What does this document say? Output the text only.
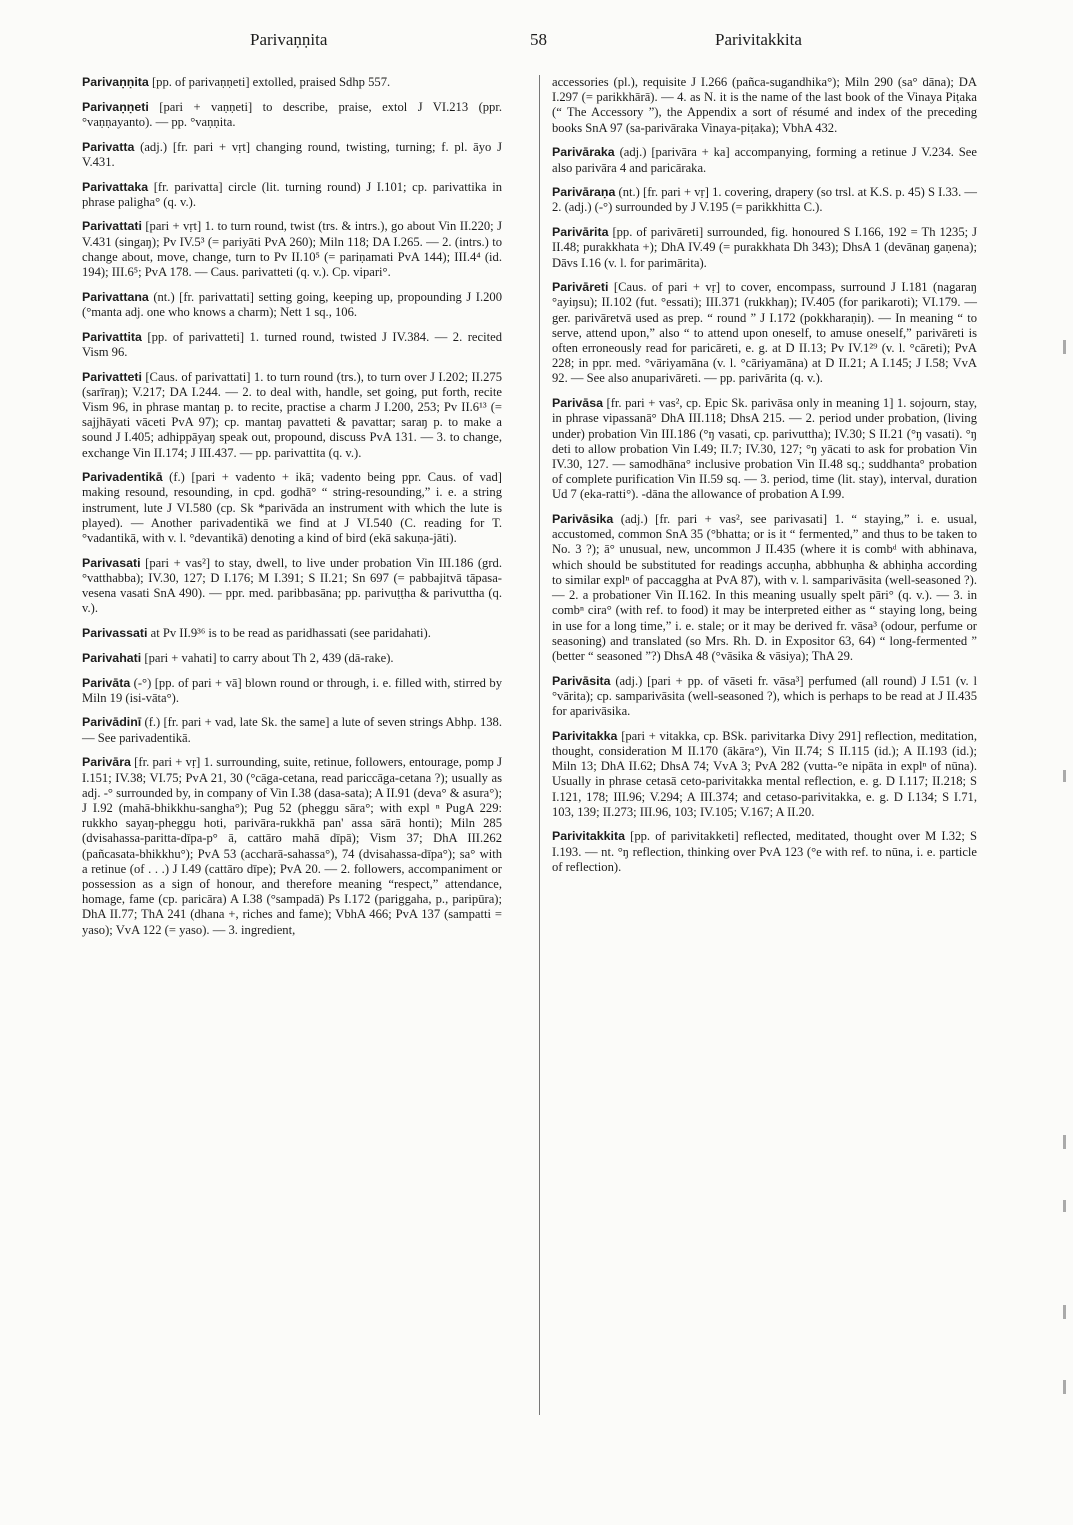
Parivaṇṇita	58	Parivitakkita

Parivaṇṇita [pp. of parivaṇṇeti] extolled, praised Sdhp 557.

Parivaṇṇeti [pari + vaṇṇeti] to describe, praise, extol J VI.213 (ppr. °vaṇṇayanto). — pp. °vaṇṇita.

Parivatta (adj.) [fr. pari + vṛt] changing round, twisting, turning; f. pl. āyo J V.431.

Parivattaka [fr. parivatta] circle (lit. turning round) J I.101; cp. parivattika in phrase paligha° (q. v.).

Parivattati [pari + vṛt] 1. to turn round, twist (trs. & intrs.), go about Vin II.220; J V.431 (singaŋ); Pv IV.5³ (= pariyāti PvA 260); Miln 118; DA I.265. — 2. (intrs.) to change about, move, change, turn to Pv II.10⁵ (= pariṇamati PvA 144); III.4⁴ (id. 194); III.6⁵; PvA 178. — Caus. parivatteti (q. v.). Cp. vipari°.

Parivattana (nt.) [fr. parivattati] setting going, keeping up, propounding J I.200 (°manta adj. one who knows a charm); Nett 1 sq., 106.

Parivattita [pp. of parivatteti] 1. turned round, twisted J IV.384. — 2. recited Vism 96.

Parivatteti [Caus. of parivattati] 1. to turn round (trs.), to turn over J I.202; II.275 (sarīraŋ); V.217; DA I.244. — 2. to deal with, handle, set going, put forth, recite Vism 96, in phrase mantaŋ p. to recite, practise a charm J I.200, 253; Pv II.6¹³ (= sajjhāyati vāceti PvA 97); cp. mantaŋ pavatteti & pavattar; saraŋ p. to make a sound J I.405; adhippāyaŋ speak out, propound, discuss PvA 131. — 3. to change, exchange Vin II.174; J III.437. — pp. parivattita (q. v.).

Parivadentikā (f.) [pari + vadento + ikā; vadento being ppr. Caus. of vad] making resound, resounding, in cpd. godhā° “ string-resounding,” i. e. a string instrument, lute J VI.580 (cp. Sk *parivāda an instrument with which the lute is played). — Another parivadentikā we find at J VI.540 (C. reading for T. °vadantikā, with v. l. °devantikā) denoting a kind of bird (ekā sakuṇa-jāti).

Parivasati [pari + vas²] to stay, dwell, to live under probation Vin III.186 (grd. °vatthabba); IV.30, 127; D I.176; M I.391; S II.21; Sn 697 (= pabbajitvā tāpasa-vesena vasati SnA 490). — ppr. med. paribbasāna; pp. parivuṭṭha & parivuttha (q. v.).

Parivassati at Pv II.9³⁶ is to be read as paridhassati (see paridahati).

Parivahati [pari + vahati] to carry about Th 2, 439 (dā-rake).

Parivāta (-°) [pp. of pari + vā] blown round or through, i. e. filled with, stirred by Miln 19 (isi-vāta°).

Parivādinī (f.) [fr. pari + vad, late Sk. the same] a lute of seven strings Abhp. 138. — See parivadentikā.

Parivāra [fr. pari + vṛ] 1. surrounding, suite, retinue, followers, entourage, pomp J I.151; IV.38; VI.75; PvA 21, 30 (°cāga-cetana, read pariccāga-cetana ?); usually as adj. -° surrounded by, in company of Vin I.38 (dasa-sata); A II.91 (deva° & asura°); J I.92 (mahā-bhikkhu-sangha°); Pug 52 (pheggu sāra°; with expl ⁿ PugA 229: rukkho sayaŋ-pheggu hoti, parivāra-rukkhā pan' assa sārā honti); Miln 285 (dvisahassa-paritta-dīpa-p° ā, cattāro mahā dīpā); Vism 37; DhA III.262 (pañcasata-bhikkhu°); PvA 53 (accharā-sahassa°), 74 (dvisahassa-dīpa°); sa° with a retinue (of . . .) J I.49 (cattāro dīpe); PvA 20. — 2. followers, accompaniment or possession as a sign of honour, and therefore meaning “respect,” attendance, homage, fame (cp. paricāra) A I.38 (°sampadā) Ps I.172 (pariggaha, p., paripūra); DhA II.77; ThA 241 (dhana +, riches and fame); VbhA 466; PvA 137 (sampatti = yaso); VvA 122 (= yaso). — 3. ingredient,

accessories (pl.), requisite J I.266 (pañca-sugandhika°); Miln 290 (sa° dāna); DA I.297 (= parikkhārā). — 4. as N. it is the name of the last book of the Vinaya Piṭaka (“ The Accessory ”), the Appendix a sort of résumé and index of the preceding books SnA 97 (sa-parivāraka Vinaya-piṭaka); VbhA 432.

Parivāraka (adj.) [parivāra + ka] accompanying, forming a retinue J V.234. See also parivāra 4 and paricāraka.

Parivāraṇa (nt.) [fr. pari + vṛ] 1. covering, drapery (so trsl. at K.S. p. 45) S I.33. — 2. (adj.) (-°) surrounded by J V.195 (= parikkhitta C.).

Parivārita [pp. of parivāreti] surrounded, fig. honoured S I.166, 192 = Th 1235; J II.48; purakkhata +); DhA IV.49 (= purakkhata Dh 343); DhsA 1 (devānaŋ gaṇena); Dāvs I.16 (v. l. for parimārita).

Parivāreti [Caus. of pari + vṛ] to cover, encompass, surround J I.181 (nagaraŋ °ayiŋsu); II.102 (fut. °essati); III.371 (rukkhaŋ); IV.405 (for parikaroti); VI.179. — ger. parivāretvā used as prep. “ round ” J I.172 (pokkharaṇiŋ). — In meaning “ to serve, attend upon,” also “ to attend upon oneself, to amuse oneself,” parivāreti is often erroneously read for paricāreti, e. g. at D II.13; Pv IV.1²⁹ (v. l. °cāreti); PvA 228; in ppr. med. °vāriyamāna (v. l. °cāriyamāna) at D II.21; A I.145; J I.58; VvA 92. — See also anuparivāreti. — pp. parivārita (q. v.).

Parivāsa [fr. pari + vas², cp. Epic Sk. parivāsa only in meaning 1] 1. sojourn, stay, in phrase vipassanā° DhA III.118; DhsA 215. — 2. period under probation, (living under) probation Vin III.186 (°ŋ vasati, cp. parivuttha); IV.30; S II.21 (°ŋ vasati). °ŋ deti to allow probation Vin I.49; II.7; IV.30, 127; °ŋ yācati to ask for probation Vin IV.30, 127. — samodhāna° inclusive probation Vin II.48 sq.; suddhanta° probation of complete purification Vin II.59 sq. — 3. period, time (lit. stay), interval, duration Ud 7 (eka-ratti°). -dāna the allowance of probation A I.99.

Parivāsika (adj.) [fr. pari + vas², see parivasati] 1. “ staying,” i. e. usual, accustomed, common SnA 35 (°bhatta; or is it “ fermented,” and thus to be taken to No. 3 ?); ā° unusual, new, uncommon J II.435 (where it is combᵈ with abhinava, which should be substituted for readings accuṇha, abbhuṇha & abhiṇha according to similar explⁿ of paccaggha at PvA 87), with v. l. samparivāsita (well-seasoned ?). — 2. a probationer Vin II.162. In this meaning usually spelt pāri° (q. v.). — 3. in combⁿ cira° (with ref. to food) it may be interpreted either as “ staying long, being in use for a long time,” i. e. stale; or it may be derived fr. vāsa³ (odour, perfume or seasoning) and translated (so Mrs. Rh. D. in Expositor 63, 64) “ long-fermented ” (better “ seasoned ”?) DhsA 48 (°vāsika & vāsiya); ThA 29.

Parivāsita (adj.) [pari + pp. of vāseti fr. vāsa³] perfumed (all round) J I.51 (v. l °vārita); cp. samparivāsita (well-seasoned ?), which is perhaps to be read at J II.435 for aparivāsika.

Parivitakka [pari + vitakka, cp. BSk. parivitarka Divy 291] reflection, meditation, thought, consideration M II.170 (ākāra°), Vin II.74; S II.115 (id.); A II.193 (id.); Miln 13; DhA II.62; DhsA 74; VvA 3; PvA 282 (vutta-°e nipāta in explⁿ of nūna). Usually in phrase cetasā ceto-parivitakka mental reflection, e. g. D I.117; II.218; S I.121, 178; III.96; V.294; A III.374; and cetaso-parivitakka, e. g. D I.134; S I.71, 103, 139; II.273; III.96, 103; IV.105; V.167; A II.20.

Parivitakkita [pp. of parivitakketi] reflected, meditated, thought over M I.32; S I.193. — nt. °ŋ reflection, thinking over PvA 123 (°e with ref. to nūna, i. e. particle of reflection).
